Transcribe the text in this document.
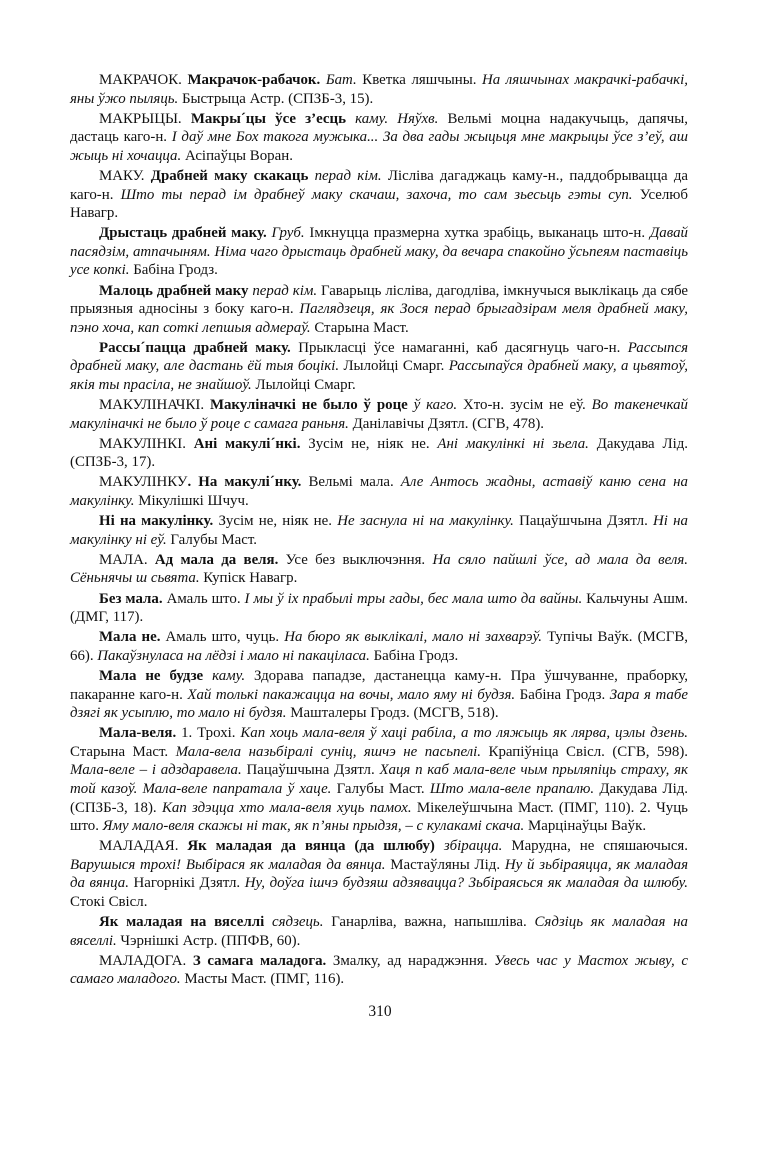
МАКРАЧОК. Макрачок-рабачок. Бат. Кветка ляшчыны. На ляшчынах макрачкі-рабачкі, яны ўжо пыляць. Быстрыца Астр. (СПЗБ-3, 15).

МАКРЫЦЫ. Макры´цы ўсе з’есць каму. Няўхв. Вельмі моцна надакучыць, дапячы, дастаць каго-н. І даў мне Бох такога мужыка... За два гады жыцьця мне макрыцы ўсе з’еў, аш жыць ні хочацца. Асіпаўцы Воран.

МАКУ. Драбней маку скакаць перад кім. Лісліва дагаджаць каму-н., паддобрывацца да каго-н. Што ты перад ім драбнеў маку скачаш, захоча, то сам зьесьць гэты суп. Уселюб Навагр.

Дрыстаць драбней маку. Груб. Імкнуцца празмерна хутка зрабіць, выканаць што-н. Давай пасядзім, атпачыням. Німа чаго дрыстаць драбней маку, да вечара спакойно ўсьпеям паставіць усе копкі. Бабіна Гродз.

Малоць драбней маку перад кім. Гаварыць лісліва, дагодліва, імкнучыся выклікаць да сябе прыязныя адносіны з боку каго-н. Паглядзеця, як Зося перад брыгадзірам меля драбней маку, пэно хоча, кап соткі лепшыя адмераў. Старына Маст.

Рассы´пацца драбней маку. Прыкласці ўсе намаганні, каб дасягнуць чаго-н. Рассыпся драбней маку, але дастань ёй тыя боцікі. Лылойці Смарг. Рассыпаўся драбней маку, а цьвятоў, якія ты прасіла, не знайшоў. Лылойці Смарг.

МАКУЛІНАЧКІ. Макуліначкі не было ў роце ў каго. Хто-н. зусім не еў. Во такенечкай макуліначкі не было ў роце с самага раньня. Данілавічы Дзятл. (СГВ, 478).

МАКУЛІНКІ. Ані макулі´нкі. Зусім не, ніяк не. Ані макулінкі ні зьела. Дакудава Лід. (СПЗБ-3, 17).

МАКУЛІНКУ. На макулі´нку. Вельмі мала. Але Антось жадны, аставіў каню сена на макулінку. Мікулішкі Шчуч.

Ні на макулінку. Зусім не, ніяк не. Не заснула ні на макулінку. Пацаўшчына Дзятл. Ні на макулінку ні еў. Галубы Маст.

МАЛА. Ад мала да веля. Усе без выключэння. На сяло пайшлі ўсе, ад мала да веля. Сёньнячы ш сьвята. Купіск Навагр.

Без мала. Амаль што. І мы ў іх прабылі тры гады, бес мала што да вайны. Кальчуны Ашм. (ДМГ, 117).

Мала не. Амаль што, чуць. На бюро як выклікалі, мало ні захварэў. Тупічы Ваўк. (МСГВ, 66). Пакаўзнуласа на лёдзі і мало ні пакаціласа. Бабіна Гродз.

Мала не будзе каму. Здорава пападзе, дастанецца каму-н. Пра ўшчуванне, праборку, пакаранне каго-н. Хай толькі пакажацца на вочы, мало яму ні будзя. Бабіна Гродз. Зара я табе дзягі як усыплю, то мало ні будзя. Машталеры Гродз. (МСГВ, 518).

Мала-веля. 1. Трохі. Кап хоць мала-веля ў хаці рабіла, а то ляжыць як лярва, цэлы дзень. Старына Маст. Мала-вела назьбіралі суніц, яшчэ не пасьпелі. Крапіўніца Свісл. (СГВ, 598). Мала-веле – і адздаравела. Пацаўшчына Дзятл. Хаця п каб мала-веле чым прыляпіць страху, як той казоў. Мала-веле папратала ў хаце. Галубы Маст. Што мала-веле прапалю. Дакудава Лід. (СПЗБ-3, 18). Кап здэцца хто мала-веля хуць памох. Мікелеўшчына Маст. (ПМГ, 110). 2. Чуць што. Яму мало-веля скажы ні так, як п’яны прыдзя, – с кулакамі скача. Марцінаўцы Ваўк.

МАЛАДАЯ. Як маладая да вянца (да шлюбу) збірацца. Марудна, не спяшаючыся. Варушыся трохі! Выбірася як маладая да вянца. Мастаўляны Лід. Ну й зьбіраяцца, як маладая да вянца. Нагорнікі Дзятл. Ну, доўга ішчэ будзяш адзявацца? Зьбіраясься як маладая да шлюбу. Стокі Свісл.

Як маладая на вяселлі сядзець. Ганарліва, важна, напышліва. Сядзіць як маладая на вяселлі. Чэрнішкі Астр. (ППФВ, 60).

МАЛАДОГА. З самага маладога. Змалку, ад нараджэння. Увесь час у Мастох жыву, с самаго маладого. Масты Маст. (ПМГ, 116).

310
